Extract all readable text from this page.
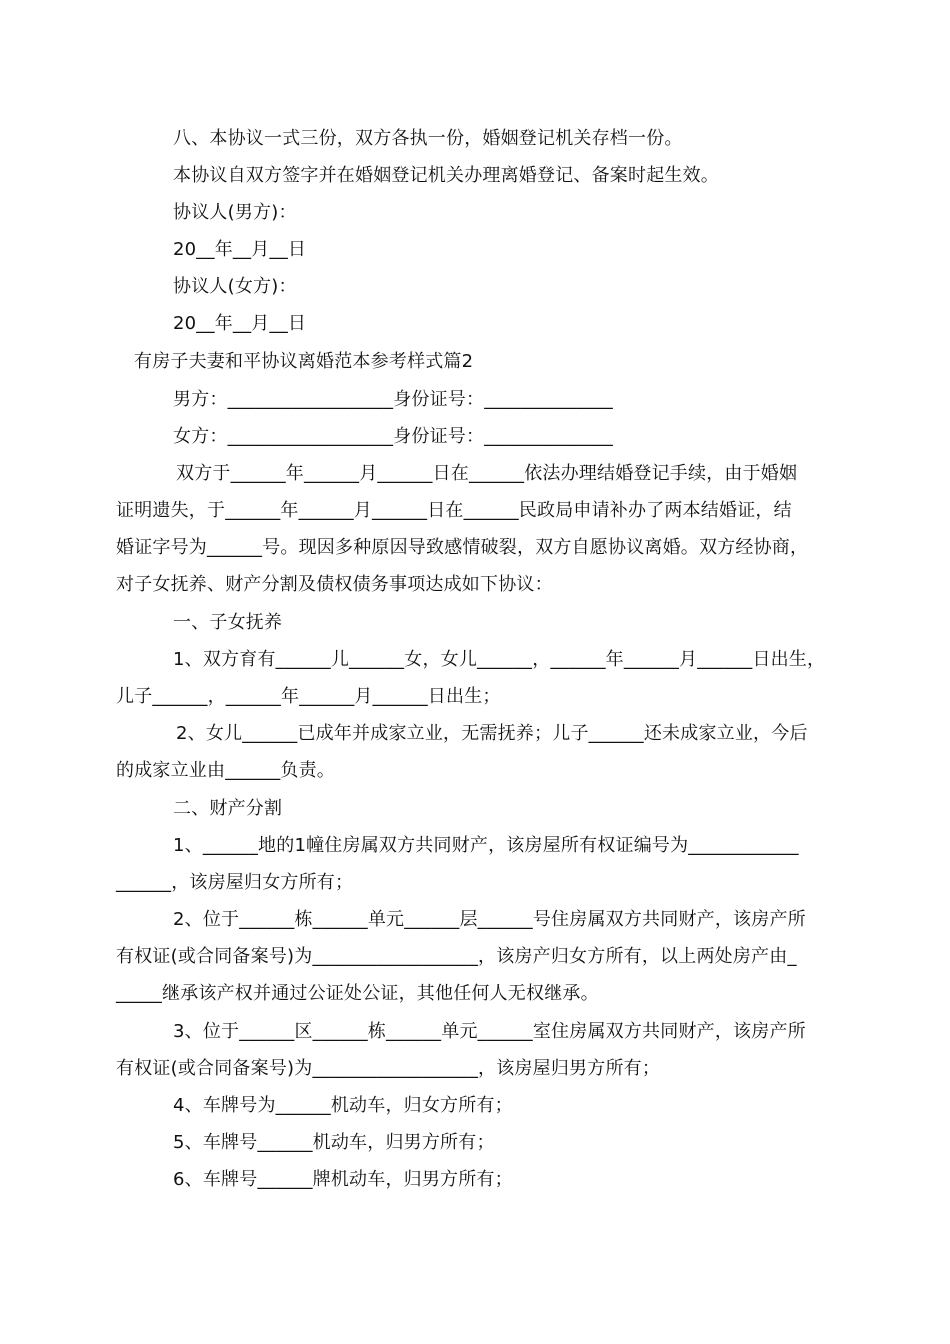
八、本协议一式三份，双方各执一份，婚姻登记机关存档一份。
本协议自双方签字并在婚姻登记机关办理离婚登记、备案时起生效。
协议人(男方)：
20__年__月__日
协议人(女方)：
20__年__月__日
有房子夫妻和平协议离婚范本参考样式篇2
男方：__________________身份证号：______________
女方：__________________身份证号：______________
双方于______年______月______日在______依法办理结婚登记手续，由于婚姻
证明遗失，于______年______月______日在______民政局申请补办了两本结婚证，结
婚证字号为______号。现因多种原因导致感情破裂，双方自愿协议离婚。双方经协商，
对子女抚养、财产分割及债权债务事项达成如下协议：
一、子女抚养
1、双方育有______儿______女，女儿______，______年______月______日出生，
儿子______，______年______月______日出生；
2、女儿______已成年并成家立业，无需抚养；儿子______还未成家立业，今后
的成家立业由______负责。
二、财产分割
1、______地的1幢住房属双方共同财产，该房屋所有权证编号为____________
______，该房屋归女方所有；
2、位于______栋______单元______层______号住房属双方共同财产，该房产所
有权证(或合同备案号)为__________________，该房产归女方所有，以上两处房产由_
_____继承该产权并通过公证处公证，其他任何人无权继承。
3、位于______区______栋______单元______室住房属双方共同财产，该房产所
有权证(或合同备案号)为__________________，该房屋归男方所有；
4、车牌号为______机动车，归女方所有；
5、车牌号______机动车，归男方所有；
6、车牌号______牌机动车，归男方所有；
